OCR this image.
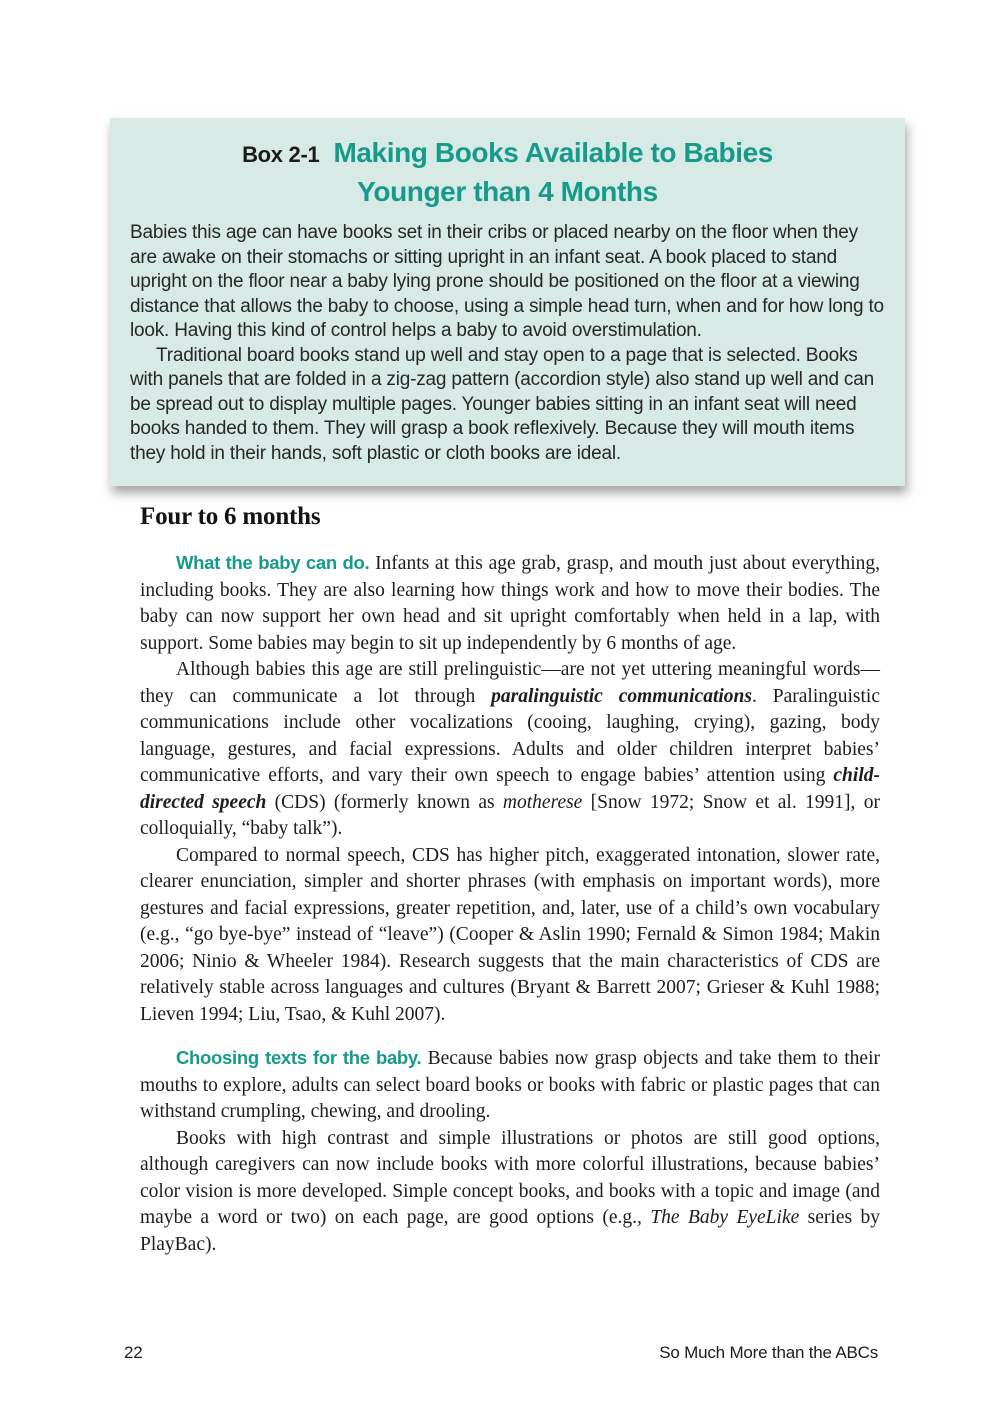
Box 2-1 Making Books Available to Babies
Younger than 4 Months

Babies this age can have books set in their cribs or placed nearby on the floor when they are awake on their stomachs or sitting upright in an infant seat. A book placed to stand upright on the floor near a baby lying prone should be positioned on the floor at a viewing distance that allows the baby to choose, using a simple head turn, when and for how long to look. Having this kind of control helps a baby to avoid overstimulation.

Traditional board books stand up well and stay open to a page that is selected. Books with panels that are folded in a zig-zag pattern (accordion style) also stand up well and can be spread out to display multiple pages. Younger babies sitting in an infant seat will need books handed to them. They will grasp a book reflexively. Because they will mouth items they hold in their hands, soft plastic or cloth books are ideal.

Four to 6 months

What the baby can do. Infants at this age grab, grasp, and mouth just about everything, including books. They are also learning how things work and how to move their bodies. The baby can now support her own head and sit upright comfortably when held in a lap, with support. Some babies may begin to sit up independently by 6 months of age.

Although babies this age are still prelinguistic—are not yet uttering meaningful words— they can communicate a lot through paralinguistic communications. Paralinguistic communications include other vocalizations (cooing, laughing, crying), gazing, body language, gestures, and facial expressions. Adults and older children interpret babies’ communicative efforts, and vary their own speech to engage babies’ attention using child-directed speech (CDS) (formerly known as motherese [Snow 1972; Snow et al. 1991], or colloquially, “baby talk”).

Compared to normal speech, CDS has higher pitch, exaggerated intonation, slower rate, clearer enunciation, simpler and shorter phrases (with emphasis on important words), more gestures and facial expressions, greater repetition, and, later, use of a child’s own vocabulary (e.g., “go bye-bye” instead of “leave”) (Cooper & Aslin 1990; Fernald & Simon 1984; Makin 2006; Ninio & Wheeler 1984). Research suggests that the main characteristics of CDS are relatively stable across languages and cultures (Bryant & Barrett 2007; Grieser & Kuhl 1988; Lieven 1994; Liu, Tsao, & Kuhl 2007).

Choosing texts for the baby. Because babies now grasp objects and take them to their mouths to explore, adults can select board books or books with fabric or plastic pages that can withstand crumpling, chewing, and drooling.

Books with high contrast and simple illustrations or photos are still good options, although caregivers can now include books with more colorful illustrations, because babies’ color vision is more developed. Simple concept books, and books with a topic and image (and maybe a word or two) on each page, are good options (e.g., The Baby EyeLike series by PlayBac).

22	So Much More than the ABCs
